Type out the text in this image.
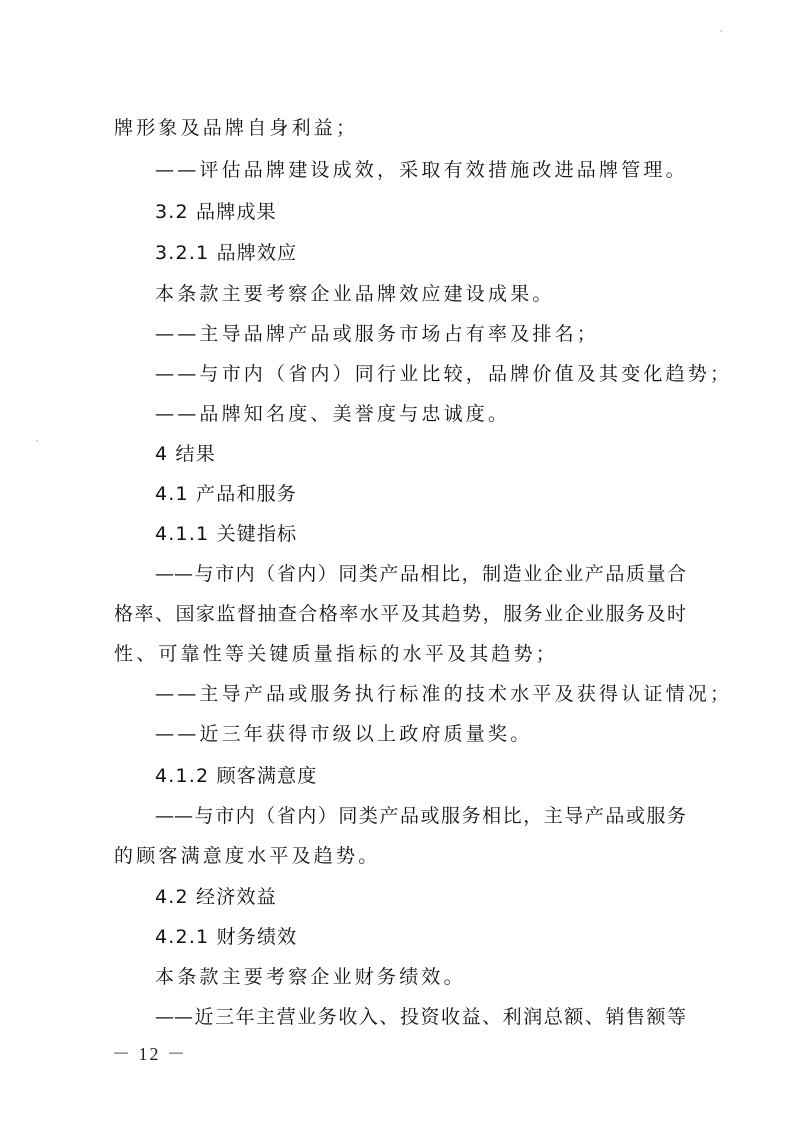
牌形象及品牌自身利益；
——评估品牌建设成效，采取有效措施改进品牌管理。
3.2 品牌成果
3.2.1 品牌效应
本条款主要考察企业品牌效应建设成果。
——主导品牌产品或服务市场占有率及排名；
——与市内（省内）同行业比较，品牌价值及其变化趋势；
——品牌知名度、美誉度与忠诚度。
4 结果
4.1 产品和服务
4.1.1 关键指标
——与市内（省内）同类产品相比，制造业企业产品质量合
格率、国家监督抽查合格率水平及其趋势，服务业企业服务及时
性、可靠性等关键质量指标的水平及其趋势；
——主导产品或服务执行标准的技术水平及获得认证情况；
——近三年获得市级以上政府质量奖。
4.1.2 顾客满意度
——与市内（省内）同类产品或服务相比，主导产品或服务
的顾客满意度水平及趋势。
4.2 经济效益
4.2.1 财务绩效
本条款主要考察企业财务绩效。
——近三年主营业务收入、投资收益、利润总额、销售额等
－ 12 －
